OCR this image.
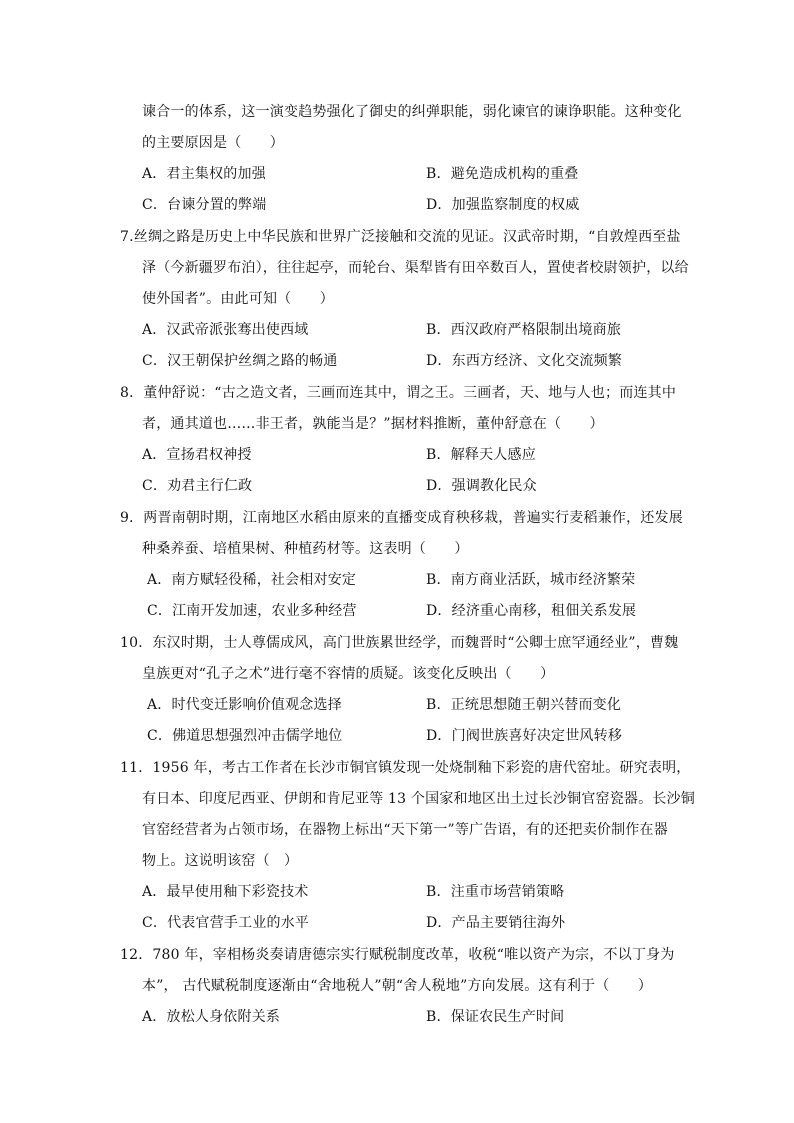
谏合一的体系，这一演变趋势强化了御史的纠弹职能，弱化谏官的谏诤职能。这种变化
的主要原因是（　　）
A．君主集权的加强	B．避免造成机构的重叠
C．台谏分置的弊端	D．加强监察制度的权威
7.丝绸之路是历史上中华民族和世界广泛接触和交流的见证。汉武帝时期，“自敦煌西至盐
泽（今新疆罗布泊），往往起亭，而轮台、渠犁皆有田卒数百人，置使者校尉领护，以给
使外国者”。由此可知（　　）
A．汉武帝派张骞出使西域	B．西汉政府严格限制出境商旅
C．汉王朝保护丝绸之路的畅通	D．东西方经济、文化交流频繁
8．董仲舒说：“古之造文者，三画而连其中，谓之王。三画者，天、地与人也；而连其中
者，通其道也……非王者，孰能当是？”据材料推断，董仲舒意在（　　）
A．宣扬君权神授	B．解释天人感应
C．劝君主行仁政	D．强调教化民众
9．两晋南朝时期，江南地区水稻由原来的直播变成育秧移栽，普遍实行麦稻兼作，还发展
种桑养蚕、培植果树、种植药材等。这表明（　　）
A．南方赋轻役稀，社会相对安定	B．南方商业活跃，城市经济繁荣
C．江南开发加速，农业多种经营	D．经济重心南移，租佃关系发展
10．东汉时期，士人尊儒成风，高门世族累世经学，而魏晋时“公卿士庶罕通经业”，曹魏
皇族更对“孔子之术”进行毫不容情的质疑。该变化反映出（　　）
A．时代变迁影响价值观念选择	B．正统思想随王朝兴替而变化
C．佛道思想强烈冲击儒学地位	D．门阀世族喜好决定世风转移
11．1956 年，考古工作者在长沙市铜官镇发现一处烧制釉下彩瓷的唐代窑址。研究表明，
有日本、印度尼西亚、伊朗和肯尼亚等 13 个国家和地区出土过长沙铜官窑瓷器。长沙铜
官窑经营者为占领市场，在器物上标出“天下第一”等广告语，有的还把卖价制作在器
物上。这说明该窑（　）
A．最早使用釉下彩瓷技术	B．注重市场营销策略
C．代表官营手工业的水平	D．产品主要销往海外
12．780 年，宰相杨炎奏请唐德宗实行赋税制度改革，收税“唯以资产为宗，不以丁身为
本”， 古代赋税制度逐渐由“舍地税人”朝“舍人税地”方向发展。这有利于（　　）
A．放松人身依附关系	B．保证农民生产时间
